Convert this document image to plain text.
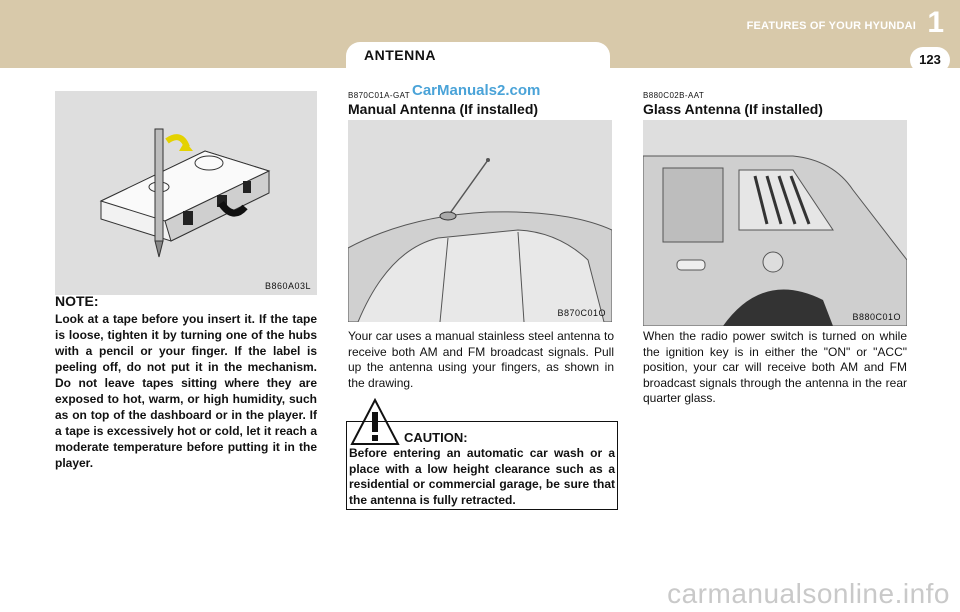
ANTENNA
FEATURES OF YOUR HYUNDAI 1
123
B860A03L
NOTE:
Look at a tape before you insert it. If the tape is loose, tighten it by turning one of the hubs with a pencil or your finger. If the label is peeling off, do not put it in the mechanism. Do not leave tapes sitting where they are exposed to hot, warm, or high humidity, such as on top of the dashboard or in the player. If a tape is excessively hot or cold, let it reach a moderate temperature before putting it in the player.
B870C01A-GAT CarManuals2.com
Manual Antenna (If installed)
B870C01O
Your car uses a manual stainless steel antenna to receive both AM and FM broadcast signals. Pull up the antenna using your fingers, as shown in the drawing.
CAUTION:
Before entering an automatic car wash or a place with a low height clearance such as a residential or commercial garage, be sure that the antenna is fully retracted.
B880C02B-AAT
Glass Antenna (If installed)
B880C01O
When the radio power switch is turned on while the ignition key is in either the "ON" or "ACC" position, your car will receive both AM and FM broadcast signals through the antenna in the rear quarter glass.
carmanualsonline.info
